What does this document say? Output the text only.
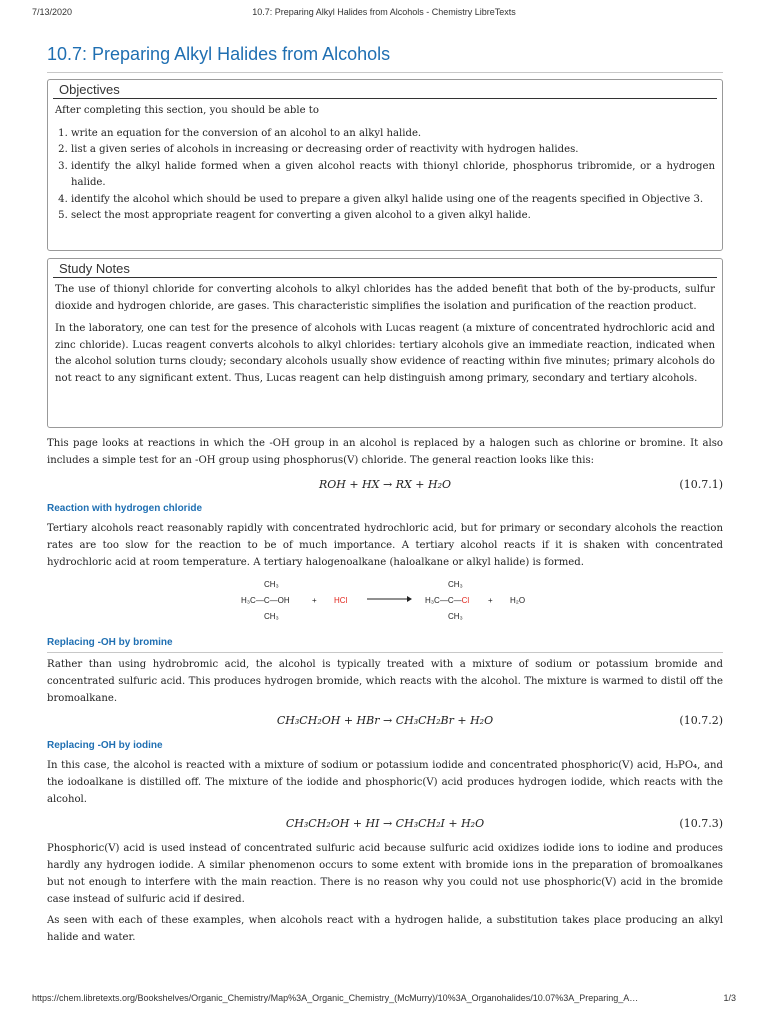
7/13/2020	10.7: Preparing Alkyl Halides from Alcohols - Chemistry LibreTexts
10.7: Preparing Alkyl Halides from Alcohols
Objectives

After completing this section, you should be able to

1. write an equation for the conversion of an alcohol to an alkyl halide.
2. list a given series of alcohols in increasing or decreasing order of reactivity with hydrogen halides.
3. identify the alkyl halide formed when a given alcohol reacts with thionyl chloride, phosphorus tribromide, or a hydrogen halide.
4. identify the alcohol which should be used to prepare a given alkyl halide using one of the reagents specified in Objective 3.
5. select the most appropriate reagent for converting a given alcohol to a given alkyl halide.
Study Notes

The use of thionyl chloride for converting alcohols to alkyl chlorides has the added benefit that both of the by-products, sulfur dioxide and hydrogen chloride, are gases. This characteristic simplifies the isolation and purification of the reaction product.

In the laboratory, one can test for the presence of alcohols with Lucas reagent (a mixture of concentrated hydrochloric acid and zinc chloride). Lucas reagent converts alcohols to alkyl chlorides: tertiary alcohols give an immediate reaction, indicated when the alcohol solution turns cloudy; secondary alcohols usually show evidence of reacting within five minutes; primary alcohols do not react to any significant extent. Thus, Lucas reagent can help distinguish among primary, secondary and tertiary alcohols.

This page looks at reactions in which the -OH group in an alcohol is replaced by a halogen such as chlorine or bromine. It also includes a simple test for an -OH group using phosphorus(V) chloride. The general reaction looks like this:

ROH + HX → RX + H₂O	(10.7.1)
Reaction with hydrogen chloride

Tertiary alcohols react reasonably rapidly with concentrated hydrochloric acid, but for primary or secondary alcohols the reaction rates are too slow for the reaction to be of much importance. A tertiary alcohol reacts if it is shaken with concentrated hydrochloric acid at room temperature. A tertiary halogenoalkane (haloalkane or alkyl halide) is formed.

CH₃
H₃C—C—OH
CH₃
+ HCl
CH₃
H₃C—C—Cl
CH₃
+ H₂O
Replacing -OH by bromine

Rather than using hydrobromic acid, the alcohol is typically treated with a mixture of sodium or potassium bromide and concentrated sulfuric acid. This produces hydrogen bromide, which reacts with the alcohol. The mixture is warmed to distil off the bromoalkane.

CH₃CH₂OH + HBr → CH₃CH₂Br + H₂O	(10.7.2)
Replacing -OH by iodine

In this case, the alcohol is reacted with a mixture of sodium or potassium iodide and concentrated phosphoric(V) acid, H₃PO₄, and the iodoalkane is distilled off. The mixture of the iodide and phosphoric(V) acid produces hydrogen iodide, which reacts with the alcohol.

CH₃CH₂OH + HI → CH₃CH₂I + H₂O	(10.7.3)

Phosphoric(V) acid is used instead of concentrated sulfuric acid because sulfuric acid oxidizes iodide ions to iodine and produces hardly any hydrogen iodide. A similar phenomenon occurs to some extent with bromide ions in the preparation of bromoalkanes but not enough to interfere with the main reaction. There is no reason why you could not use phosphoric(V) acid in the bromide case instead of sulfuric acid if desired.

As seen with each of these examples, when alcohols react with a hydrogen halide, a substitution takes place producing an alkyl halide and water.

https://chem.libretexts.org/Bookshelves/Organic_Chemistry/Map%3A_Organic_Chemistry_(McMurry)/10%3A_Organohalides/10.07%3A_Preparing_A…	1/3
